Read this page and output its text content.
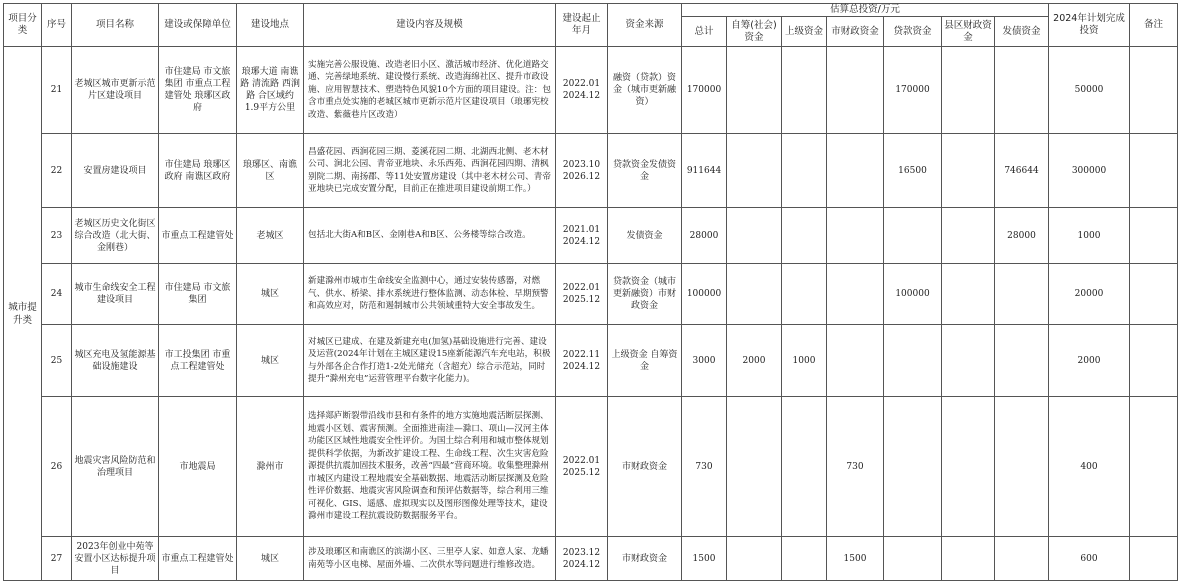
项目分类	序号	项目名称	建设或保障单位	建设地点	建设内容及规模	建设起止年月	资金来源	估算总投资/万元							2024年计划完成投资	备注
								总计	自筹(社会)资金	上级资金	市财政资金	贷款资金	县区财政资金	发债资金		
城市提升类	21	老城区城市更新示范片区建设项目	市住建局 市文旅集团 市重点工程建管处 琅琊区政府	琅琊大道 南谯路 清流路 西涧路 合区域约1.9平方公里	实施完善公服设施、改造老旧小区、激活城市经济、优化道路交通、完善绿地系统、建设慢行系统、改造海绵社区、提升市政设施、应用智慧技术、塑造特色风貌10个方面的项目建设。注：包含市重点处实施的老城区城市更新示范片区建设项目（琅琊宪校改造、紫薇巷片区改造）	2022.01 2024.12	融资（贷款）资金（城市更新融资）	170000				170000			50000	
	22	安置房建设项目	市住建局 琅琊区政府 南谯区政府	琅琊区、南谯区	昌盛花园、西涧花园三期、菱溪花园二期、北湖西北侧、老木材公司、涧北公园、青帝亚地块、永乐西苑、西涧花园四期、清枫别院二期、南扬郡、等11处安置房建设（其中老木材公司、青帝亚地块已完成安置分配，目前正在推进项目建设前期工作。）	2023.10 2026.12	贷款资金发债资金	911644				16500		746644	300000	
	23	老城区历史文化街区综合改造（北大街、金刚巷）	市重点工程建管处	老城区	包括北大街A和B区、金刚巷A和B区、公务楼等综合改造。	2021.01 2024.12	发债资金	28000						28000	1000	
	24	城市生命线安全工程建设项目	市住建局 市文旅集团	城区	新建滁州市城市生命线安全监测中心，通过安装传感器，对燃气、供水、桥梁、排水系统进行整体监测、动态体检、早期预警和高效应对，防范和遏制城市公共领域重特大安全事故发生。	2022.01 2025.12	贷款资金（城市更新融资）市财政资金	100000				100000			20000	
	25	城区充电及氢能源基础设施建设	市工投集团 市重点工程建管处	城区	对城区已建成、在建及新建充电(加氢)基础设施进行完善、建设及运营(2024年计划在主城区建设15座新能源汽车充电站，积极与外部各企合作打造1-2处光储充（含超充）综合示范站，同时提升“滁州充电”运营管理平台数字化能力)。	2022.11 2024.12	上级资金 自筹资金	3000	2000	1000					2000	
	26	地震灾害风险防范和治理项目	市地震局	滁州市	选择郯庐断裂带沿线市县和有条件的地方实施地震活断层探测、地震小区划、震害预测。全面推进南洼—滁口、项山—汉河主体功能区区域性地震安全性评价。为国土综合利用和城市整体规划提供科学依据，为新改扩建设工程、生命线工程、次生灾害危险源提供抗震加固技术服务，改善“四最”营商环境。收集整理滁州市城区内建设工程地震安全基础数据、地震活动断层探测及危险性评价数据、地震灾害风险调查和预评估数据等，综合利用三维可视化、GIS、遥感、虚拟现实以及图形图像处理等技术，建设滁州市建设工程抗震设防数据服务平台。	2022.01 2025.12	市财政资金	730			730				400	
	27	2023年创业中苑等安置小区达标提升项目	市重点工程建管处	城区	涉及琅琊区和南谯区的滨湖小区、三里亭人家、如意人家、龙蟠南苑等小区电梯、屋面外墙、二次供水等问题进行维修改造。	2023.12 2024.12	市财政资金	1500			1500				600	
